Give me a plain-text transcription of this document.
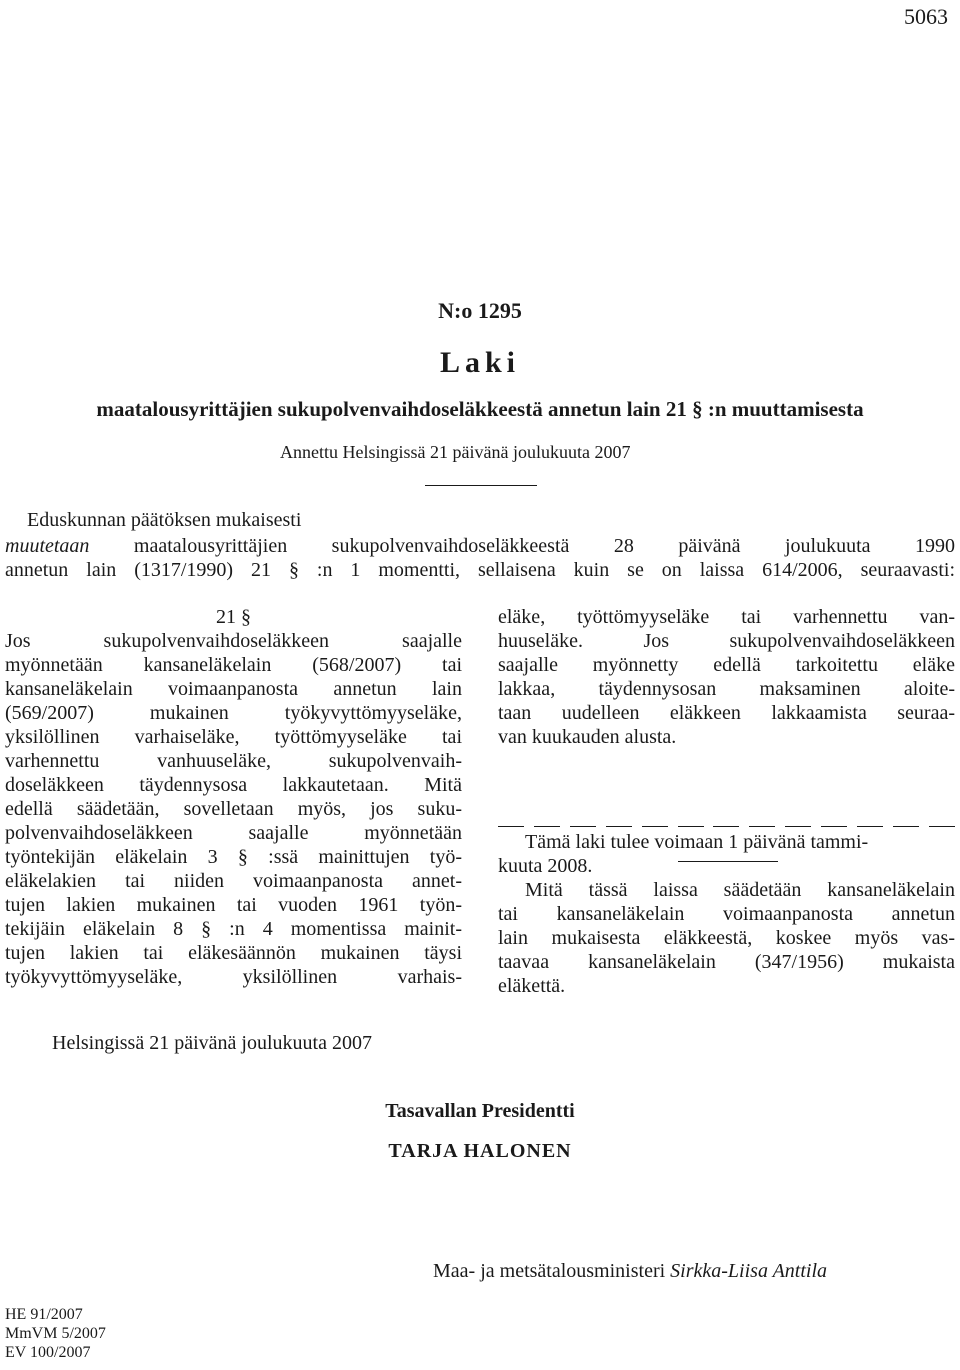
5063
N:o 1295
Laki
maatalousyrittäjien sukupolvenvaihdoseläkkeestä annetun lain 21 § :n muuttamisesta
Annettu Helsingissä 21 päivänä joulukuuta 2007
Eduskunnan päätöksen mukaisesti
muutetaan maatalousyrittäjien sukupolvenvaihdoseläkkeestä 28 päivänä joulukuuta 1990
annetun lain (1317/1990) 21 § :n 1 momentti, sellaisena kuin se on laissa 614/2006, seuraavasti:
21 §
Jos sukupolvenvaihdoseläkkeen saajalle
myönnetään kansaneläkelain (568/2007) tai
kansaneläkelain voimaanpanosta annetun lain
(569/2007) mukainen työkyvyttömyyseläke,
yksilöllinen varhaiseläke, työttömyyseläke tai
varhennettu vanhuuseläke, sukupolvenvaih-
doseläkkeen täydennysosa lakkautetaan. Mitä
edellä säädetään, sovelletaan myös, jos suku-
polvenvaihdoseläkkeen saajalle myönnetään
työntekijän eläkelain 3 § :ssä mainittujen työ-
eläkelakien tai niiden voimaanpanosta annet-
tujen lakien mukainen tai vuoden 1961 työn-
tekijäin eläkelain 8 § :n 4 momentissa mainit-
tujen lakien tai eläkesäännön mukainen täysi
työkyvyttömyyseläke, yksilöllinen varhais-
eläke, työttömyyseläke tai varhennettu van-
huuseläke. Jos sukupolvenvaihdoseläkkeen
saajalle myönnetty edellä tarkoitettu eläke
lakkaa, täydennysosan maksaminen aloite-
taan uudelleen eläkkeen lakkaamista seuraa-
van kuukauden alusta.
Tämä laki tulee voimaan 1 päivänä tammi-
kuuta 2008.
Mitä tässä laissa säädetään kansaneläkelain
tai kansaneläkelain voimaanpanosta annetun
lain mukaisesta eläkkeestä, koskee myös vas-
taavaa kansaneläkelain (347/1956) mukaista
eläkettä.
Helsingissä 21 päivänä joulukuuta 2007
Tasavallan Presidentti
TARJA HALONEN
Maa- ja metsätalousministeri Sirkka-Liisa Anttila
HE 91/2007
MmVM 5/2007
EV 100/2007
